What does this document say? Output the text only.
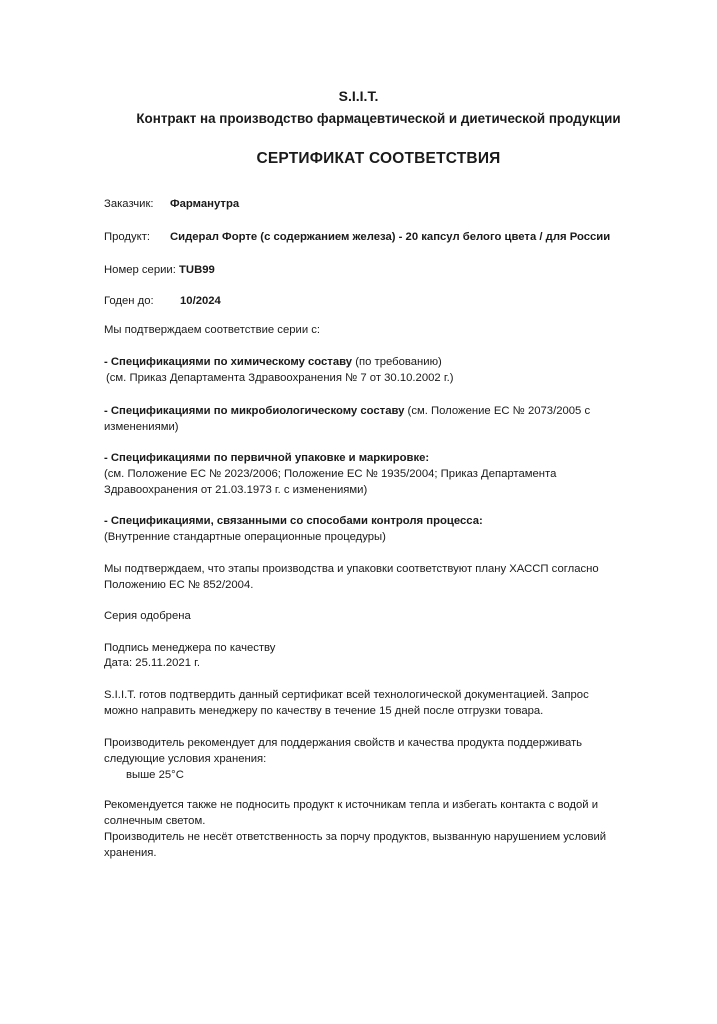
S.I.I.T.
Контракт на производство фармацевтической и диетической продукции
СЕРТИФИКАТ СООТВЕТСТВИЯ
Заказчик: Фарманутра
Продукт: Сидерал Форте (с содержанием железа) - 20 капсул белого цвета / для России
Номер серии: TUB99
Годен до: 10/2024
Мы подтверждаем соответствие серии с:
- Спецификациями по химическому составу (по требованию)
(см. Приказ Департамента Здравоохранения № 7 от 30.10.2002 г.)
- Спецификациями по микробиологическому составу (см. Положение ЕС № 2073/2005 с
изменениями)
- Спецификациями по первичной упаковке и маркировке:
(см. Положение ЕС № 2023/2006; Положение ЕС № 1935/2004; Приказ Департамента
Здравоохранения от 21.03.1973 г. с изменениями)
- Спецификациями, связанными со способами контроля процесса:
(Внутренние стандартные операционные процедуры)
Мы подтверждаем, что этапы производства и упаковки соответствуют плану ХАССП согласно
Положению ЕС № 852/2004.
Серия одобрена
Подпись менеджера по качеству
Дата: 25.11.2021 г.
S.I.I.T. готов подтвердить данный сертификат всей технологической документацией. Запрос
можно направить менеджеру по качеству в течение 15 дней после отгрузки товара.
Производитель рекомендует для поддержания свойств и качества продукта поддерживать
следующие условия хранения:
выше 25°C
Рекомендуется также не подносить продукт к источникам тепла и избегать контакта с водой и
солнечным светом.
Производитель не несёт ответственность за порчу продуктов, вызванную нарушением условий
хранения.
